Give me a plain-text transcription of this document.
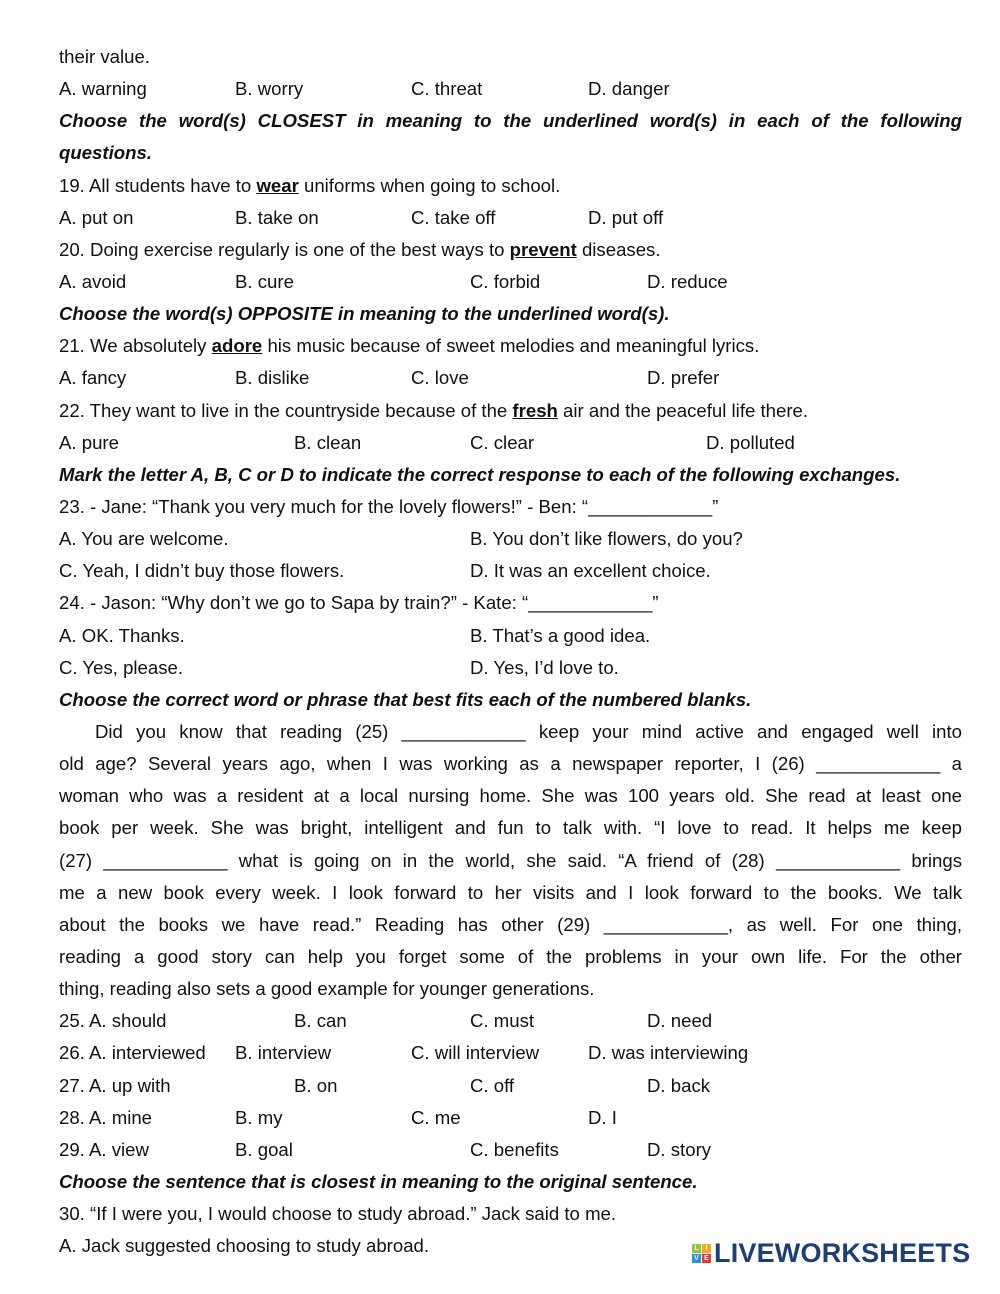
their value.
A. warning	B. worry	C. threat	D. danger
Choose the word(s) CLOSEST in meaning to the underlined word(s) in each of the following
questions.
19. All students have to wear uniforms when going to school.
A. put on	B. take on	C. take off	D. put off
20. Doing exercise regularly is one of the best ways to prevent diseases.
A. avoid	B. cure	C. forbid	D. reduce
Choose the word(s) OPPOSITE in meaning to the underlined word(s).
21. We absolutely adore his music because of sweet melodies and meaningful lyrics.
A. fancy	B. dislike	C. love	D. prefer
22. They want to live in the countryside because of the fresh air and the peaceful life there.
A. pure	B. clean	C. clear	D. polluted
Mark the letter A, B, C or D to indicate the correct response to each of the following exchanges.
23. - Jane: “Thank you very much for the lovely flowers!” - Ben: “____________”
A. You are welcome.	B. You don’t like flowers, do you?
C. Yeah, I didn’t buy those flowers.	D. It was an excellent choice.
24. - Jason: “Why don’t we go to Sapa by train?” - Kate: “____________”
A. OK. Thanks.	B. That’s a good idea.
C. Yes, please.	D. Yes, I’d love to.
Choose the correct word or phrase that best fits each of the numbered blanks.
Did you know that reading (25) ____________ keep your mind active and engaged well into
old age? Several years ago, when I was working as a newspaper reporter, I (26) ____________ a
woman who was a resident at a local nursing home. She was 100 years old. She read at least one
book per week. She was bright, intelligent and fun to talk with. “I love to read. It helps me keep
(27) ____________ what is going on in the world, she said. “A friend of (28) ____________ brings
me a new book every week. I look forward to her visits and I look forward to the books. We talk
about the books we have read.” Reading has other (29) ____________, as well. For one thing,
reading a good story can help you forget some of the problems in your own life. For the other
thing, reading also sets a good example for younger generations.
25. A. should	B. can	C. must	D. need
26. A. interviewed B. interview	C. will interview	D. was interviewing
27. A. up with	B. on	C. off	D. back
28. A. mine	B. my	C. me	D. I
29. A. view	B. goal	C. benefits	D. story
Choose the sentence that is closest in meaning to the original sentence.
30. “If I were you, I would choose to study abroad.” Jack said to me.
A. Jack suggested choosing to study abroad.	L I
V E LIVEWORKSHEETS
